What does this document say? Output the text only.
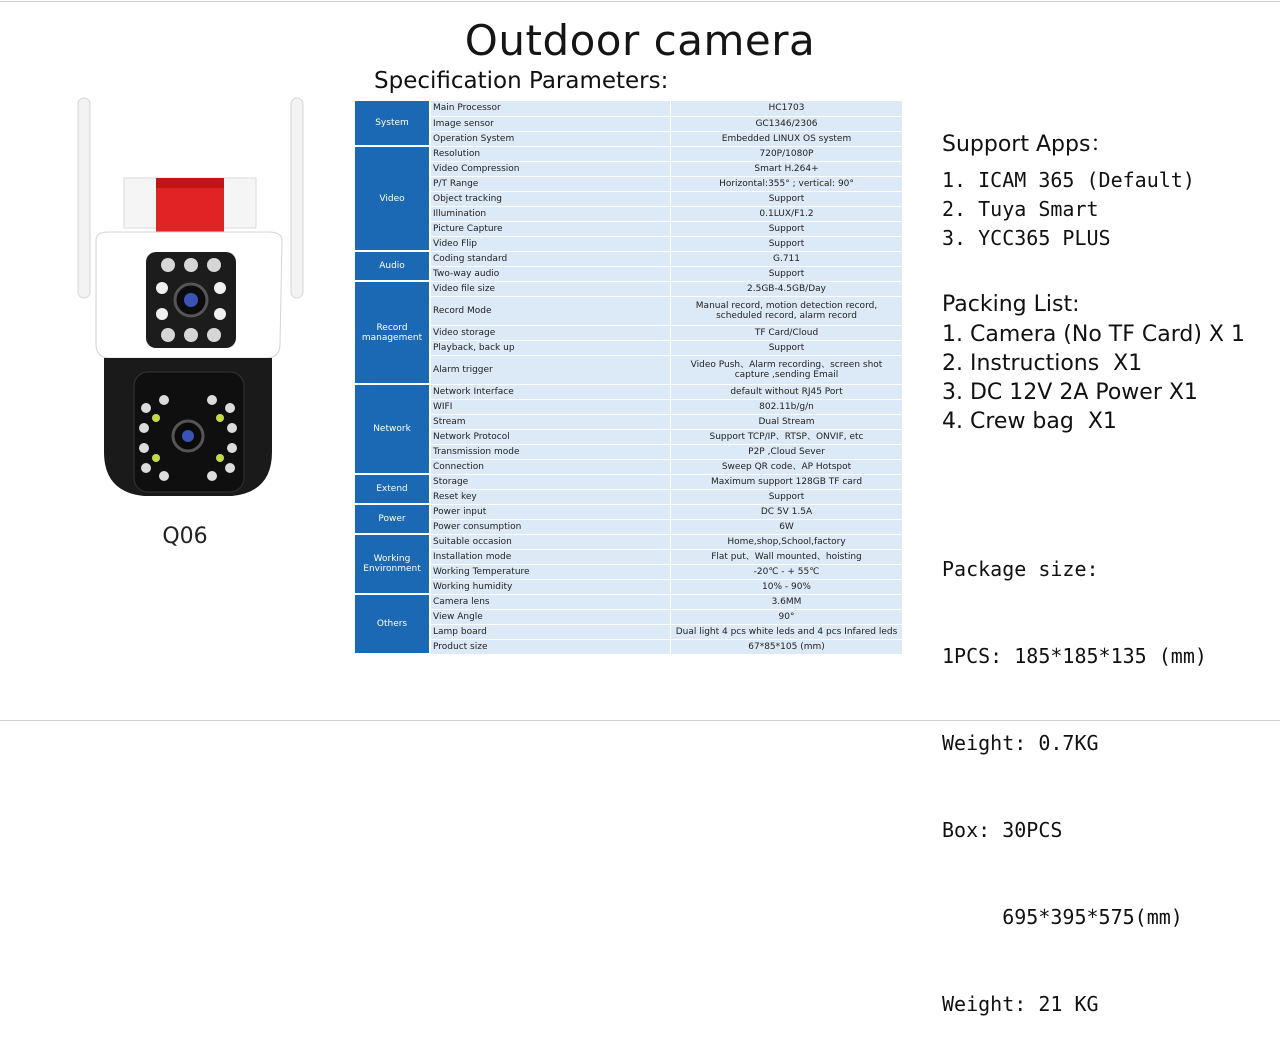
Outdoor camera
Specification Parameters:
Q06
System	Main Processor	HC1703
	Image sensor	GC1346/2306
	Operation System	Embedded LINUX OS system
Video	Resolution	720P/1080P
	Video Compression	Smart H.264+
	P/T Range	Horizontal:355° ; vertical: 90°
	Object tracking	Support
	Illumination	0.1LUX/F1.2
	Picture Capture	Support
	Video Flip	Support
Audio	Coding standard	G.711
	Two-way audio	Support
Record management	Video file size	2.5GB-4.5GB/Day
	Record Mode	Manual record, motion detection record, scheduled record, alarm record
	Video storage	TF Card/Cloud
	Playback, back up	Support
	Alarm trigger	Video Push、Alarm recording、screen shot capture ,sending Email
Network	Network Interface	default without RJ45 Port
	WIFI	802.11b/g/n
	Stream	Dual Stream
	Network Protocol	Support TCP/IP、RTSP、ONVIF, etc
	Transmission mode	P2P ,Cloud Sever
	Connection	Sweep QR code、AP Hotspot
Extend	Storage	Maximum support 128GB TF card
	Reset key	Support
Power	Power input	DC 5V 1.5A
	Power consumption	6W
Working Environment	Suitable occasion	Home,shop,School,factory
	Installation mode	Flat put、Wall mounted、hoisting
	Working Temperature	-20℃ - + 55℃
	Working humidity	10% - 90%
Others	Camera lens	3.6MM
	View Angle	90°
	Lamp board	Dual light 4 pcs white leds and 4 pcs Infared leds
	Product size	67*85*105 (mm)
Support Apps：
1. ICAM 365 (Default)
2. Tuya Smart
3. YCC365 PLUS
Packing List:
1. Camera (No TF Card) X 1
2. Instructions  X1
3. DC 12V 2A Power X1
4. Crew bag  X1

Package size:

1PCS: 185*185*135 (mm)

Weight: 0.7KG

Box: 30PCS

695*395*575(mm)

Weight: 21 KG
